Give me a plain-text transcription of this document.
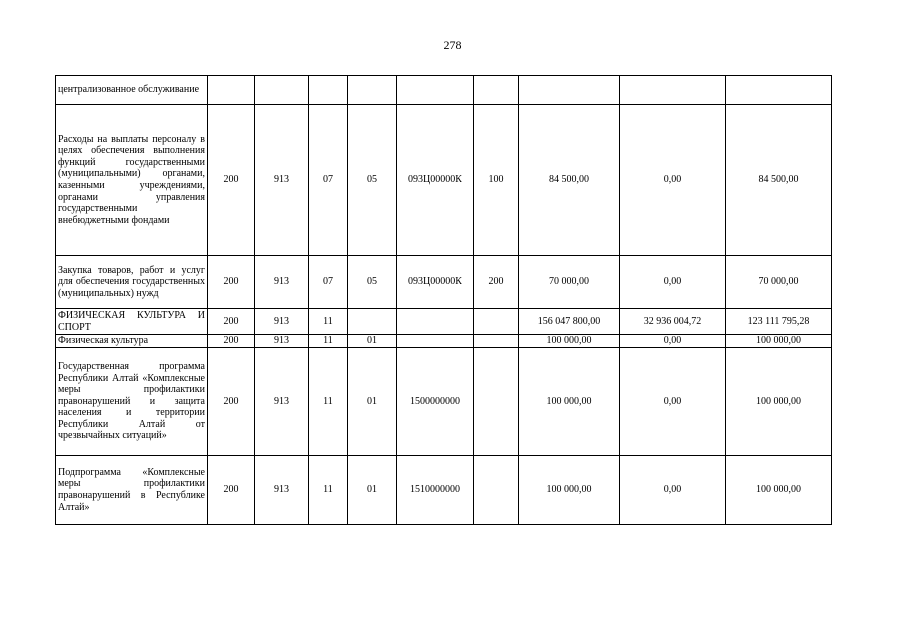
278
централизованное обслуживание									
Расходы на выплаты персоналу в целях обеспечения выполнения функций государственными (муниципальными) органами, казенными учреждениями, органами управления государственными внебюджетными фондами	200	913	07	05	093Ц00000К	100	84 500,00	0,00	84 500,00
Закупка товаров, работ и услуг для обеспечения государственных (муниципальных) нужд	200	913	07	05	093Ц00000К	200	70 000,00	0,00	70 000,00
ФИЗИЧЕСКАЯ КУЛЬТУРА И СПОРТ	200	913	11				156 047 800,00	32 936 004,72	123 111 795,28
Физическая культура	200	913	11	01			100 000,00	0,00	100 000,00
Государственная программа Республики Алтай «Комплексные меры профилактики правонарушений и защита населения и территории Республики Алтай от чрезвычайных ситуаций»	200	913	11	01	1500000000		100 000,00	0,00	100 000,00
Подпрограмма «Комплексные меры профилактики правонарушений в Республике Алтай»	200	913	11	01	1510000000		100 000,00	0,00	100 000,00
